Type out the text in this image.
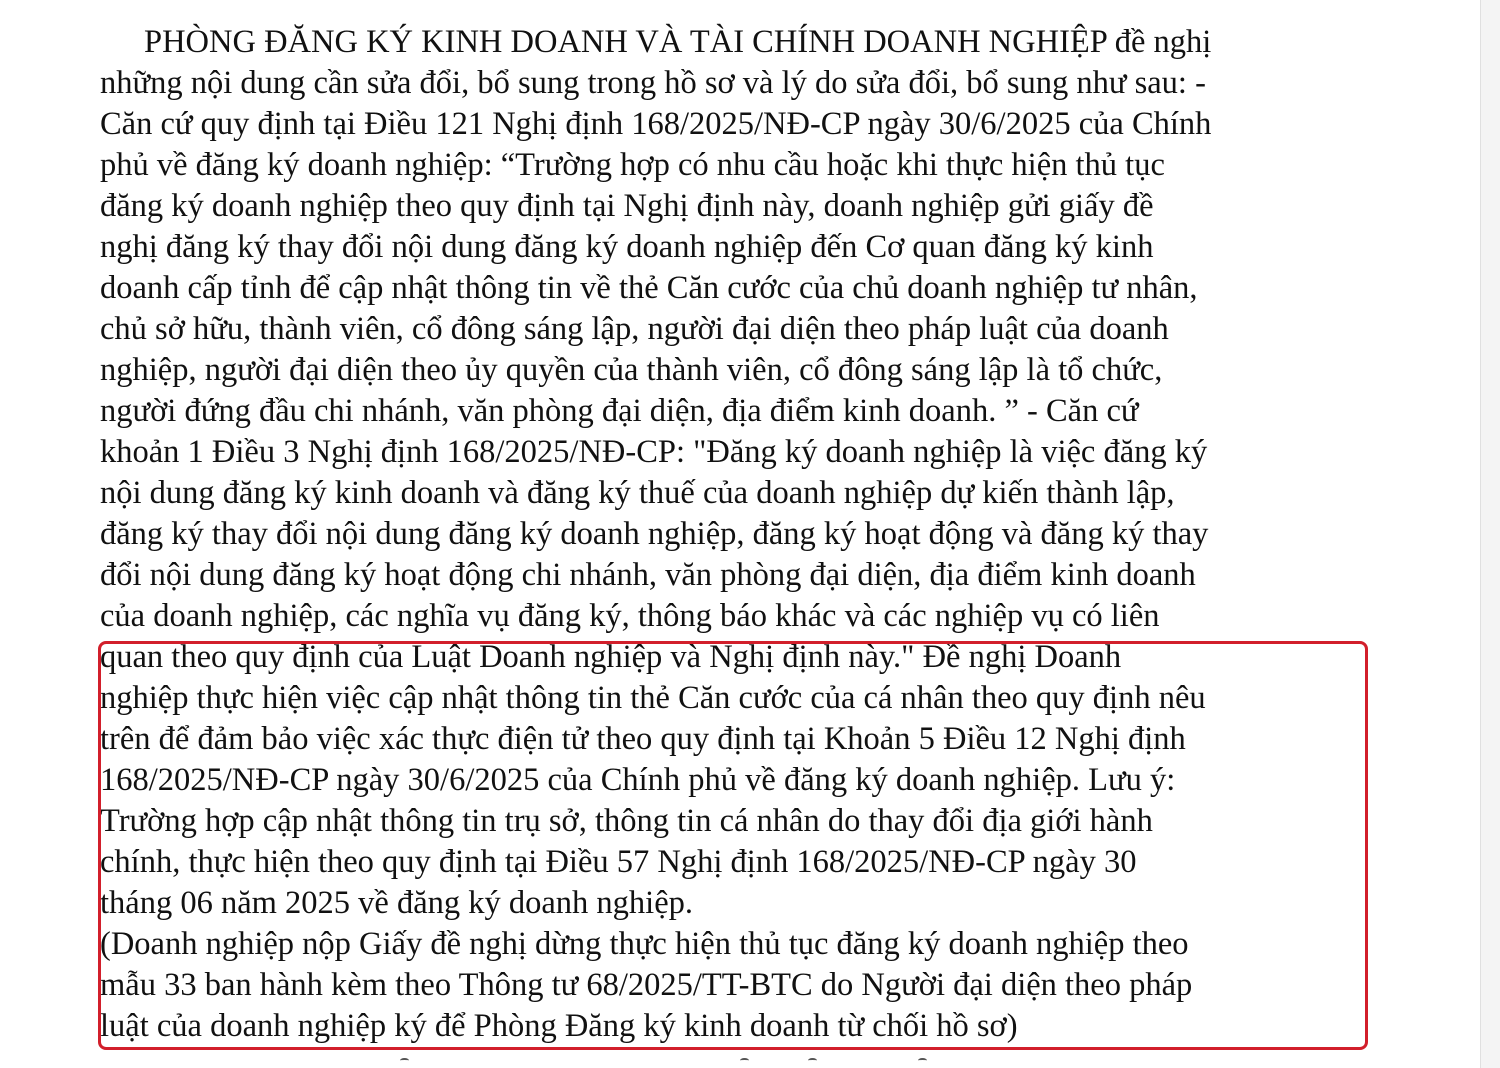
PHÒNG ĐĂNG KÝ KINH DOANH VÀ TÀI CHÍNH DOANH NGHIỆP đề nghị
những nội dung cần sửa đổi, bổ sung trong hồ sơ và lý do sửa đổi, bổ sung như sau: -
Căn cứ quy định tại Điều 121 Nghị định 168/2025/NĐ-CP ngày 30/6/2025 của Chính
phủ về đăng ký doanh nghiệp: “Trường hợp có nhu cầu hoặc khi thực hiện thủ tục
đăng ký doanh nghiệp theo quy định tại Nghị định này, doanh nghiệp gửi giấy đề
nghị đăng ký thay đổi nội dung đăng ký doanh nghiệp đến Cơ quan đăng ký kinh
doanh cấp tỉnh để cập nhật thông tin về thẻ Căn cước của chủ doanh nghiệp tư nhân,
chủ sở hữu, thành viên, cổ đông sáng lập, người đại diện theo pháp luật của doanh
nghiệp, người đại diện theo ủy quyền của thành viên, cổ đông sáng lập là tổ chức,
người đứng đầu chi nhánh, văn phòng đại diện, địa điểm kinh doanh. ” - Căn cứ
khoản 1 Điều 3 Nghị định 168/2025/NĐ-CP: "Đăng ký doanh nghiệp là việc đăng ký
nội dung đăng ký kinh doanh và đăng ký thuế của doanh nghiệp dự kiến thành lập,
đăng ký thay đổi nội dung đăng ký doanh nghiệp, đăng ký hoạt động và đăng ký thay
đổi nội dung đăng ký hoạt động chi nhánh, văn phòng đại diện, địa điểm kinh doanh
của doanh nghiệp, các nghĩa vụ đăng ký, thông báo khác và các nghiệp vụ có liên
quan theo quy định của Luật Doanh nghiệp và Nghị định này." Đề nghị Doanh
nghiệp thực hiện việc cập nhật thông tin thẻ Căn cước của cá nhân theo quy định nêu
trên để đảm bảo việc xác thực điện tử theo quy định tại Khoản 5 Điều 12 Nghị định
168/2025/NĐ-CP ngày 30/6/2025 của Chính phủ về đăng ký doanh nghiệp. Lưu ý:
Trường hợp cập nhật thông tin trụ sở, thông tin cá nhân do thay đổi địa giới hành
chính, thực hiện theo quy định tại Điều 57 Nghị định 168/2025/NĐ-CP ngày 30
tháng 06 năm 2025 về đăng ký doanh nghiệp.
(Doanh nghiệp nộp Giấy đề nghị dừng thực hiện thủ tục đăng ký doanh nghiệp theo
mẫu 33 ban hành kèm theo Thông tư 68/2025/TT-BTC do Người đại diện theo pháp
luật của doanh nghiệp ký để Phòng Đăng ký kinh doanh từ chối hồ sơ)
